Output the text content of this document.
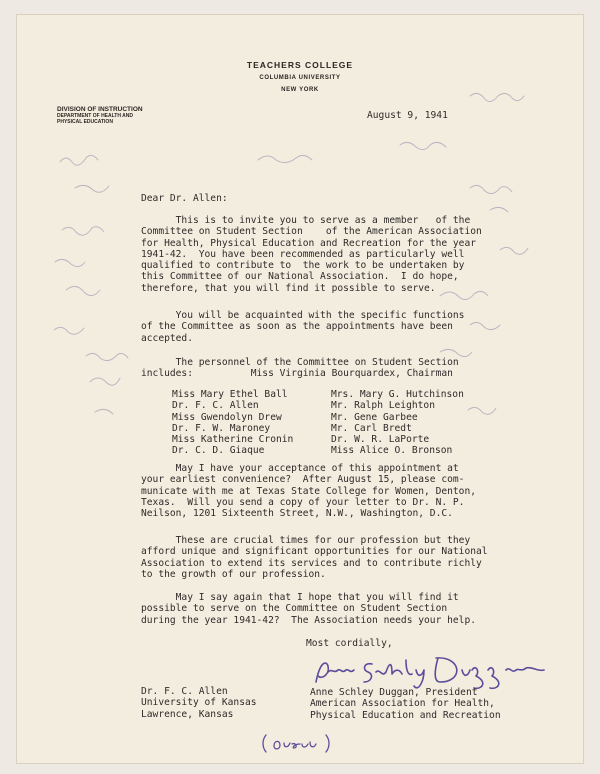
TEACHERS COLLEGE
COLUMBIA UNIVERSITY
NEW YORK
DIVISION OF INSTRUCTION
DEPARTMENT OF HEALTH AND
PHYSICAL EDUCATION
August 9, 1941
Dear Dr. Allen:
This is to invite you to serve as a member   of the
Committee on Student Section    of the American Association
for Health, Physical Education and Recreation for the year
1941-42.  You have been recommended as particularly well
qualified to contribute to  the work to be undertaken by
this Committee of our National Association.  I do hope,
therefore, that you will find it possible to serve.
You will be acquainted with the specific functions
of the Committee as soon as the appointments have been
accepted.
The personnel of the Committee on Student Section
includes:          Miss Virginia Bourquardex, Chairman
Miss Mary Ethel Ball
Dr. F. C. Allen
Miss Gwendolyn Drew
Dr. F. W. Maroney
Miss Katherine Cronin
Dr. C. D. Giaque
Mrs. Mary G. Hutchinson
Mr. Ralph Leighton
Mr. Gene Garbee
Mr. Carl Bredt
Dr. W. R. LaPorte
Miss Alice O. Bronson
May I have your acceptance of this appointment at
your earliest convenience?  After August 15, please com-
municate with me at Texas State College for Women, Denton,
Texas.  Will you send a copy of your letter to Dr. N. P.
Neilson, 1201 Sixteenth Street, N.W., Washington, D.C.
These are crucial times for our profession but they
afford unique and significant opportunities for our National
Association to extend its services and to contribute richly
to the growth of our profession.
May I say again that I hope that you will find it
possible to serve on the Committee on Student Section
during the year 1941-42?  The Association needs your help.
Most cordially,
Anne Schley Duggan, President
American Association for Health,
Physical Education and Recreation
Dr. F. C. Allen
University of Kansas
Lawrence, Kansas
